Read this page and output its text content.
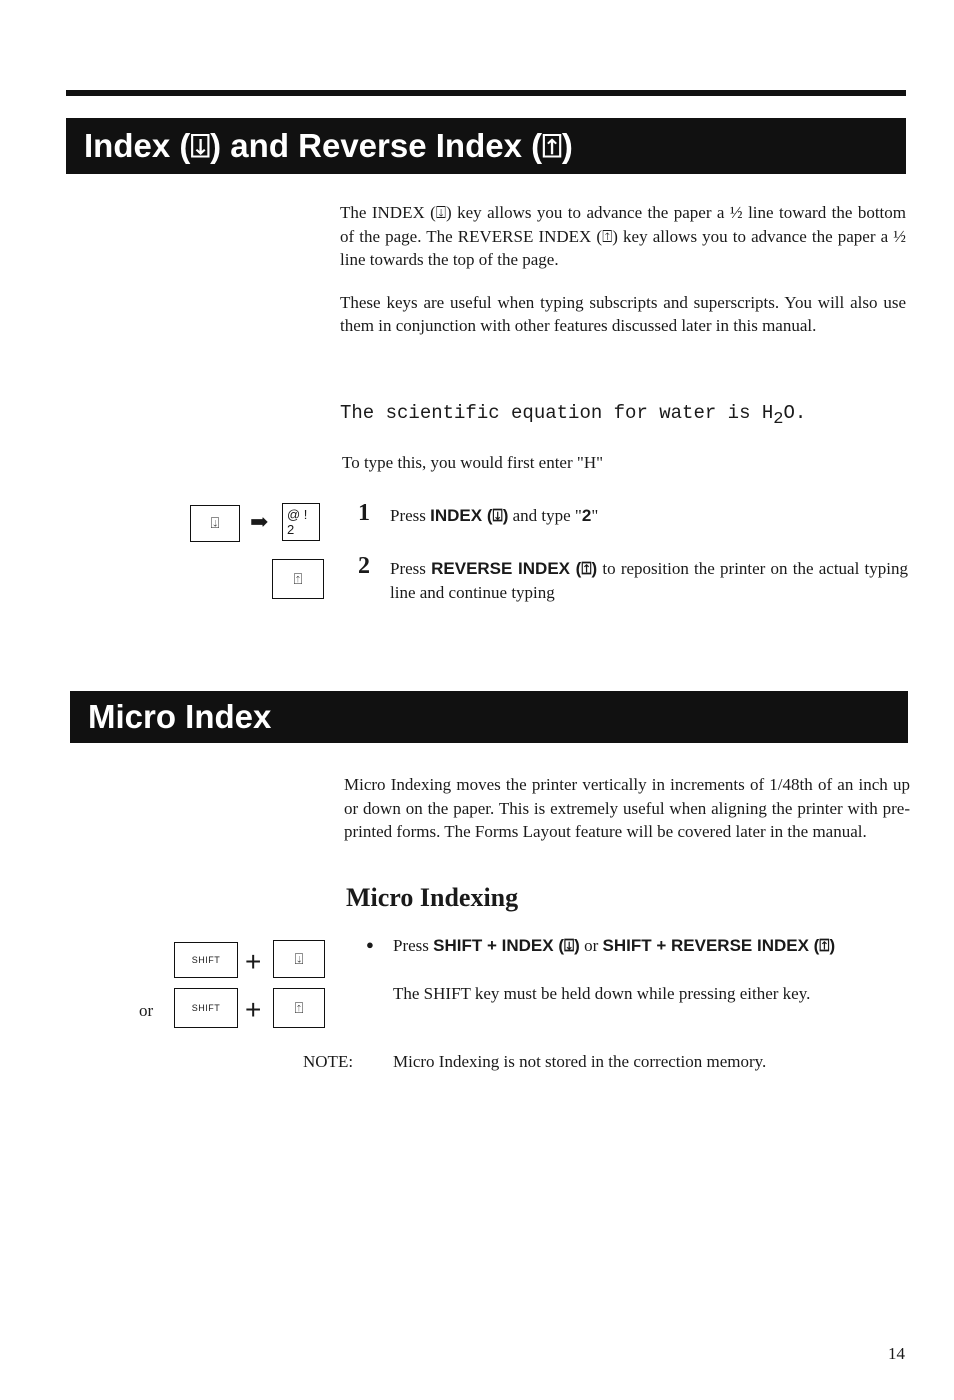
Index (⍗) and Reverse Index (⍐)

The INDEX (⍗) key allows you to advance the paper a ½ line toward the bottom of the page. The REVERSE INDEX (⍐) key allows you to advance the paper a ½ line towards the top of the page.

These keys are useful when typing subscripts and superscripts. You will also use them in conjunction with other features discussed later in this manual.

The scientific equation for water is $H_2O$.
To type this, you would first enter "H"
⍗ ➡ @ !
2
⍐
1 Press INDEX (⍗) and type "2"
2 Press REVERSE INDEX (⍐) to reposition the printer on the actual typing line and continue typing
Micro Index

Micro Indexing moves the printer vertically in increments of 1/48th of an inch up or down on the paper. This is extremely useful when aligning the printer with pre-printed forms. The Forms Layout feature will be covered later in the manual.

Micro Indexing
SHIFT + ⍗
or	SHIFT + ⍐
● Press SHIFT + INDEX (⍗) or SHIFT + REVERSE INDEX (⍐)
The SHIFT key must be held down while pressing either key.
NOTE: Micro Indexing is not stored in the correction memory.
14
